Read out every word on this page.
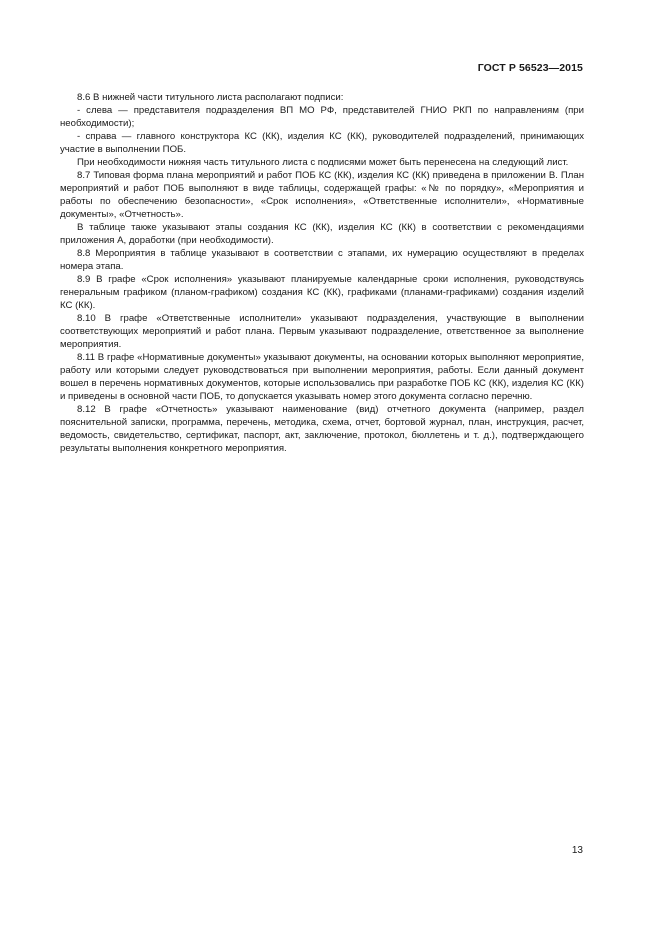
ГОСТ Р 56523—2015

8.6 В нижней части титульного листа располагают подписи:

- слева — представителя подразделения ВП МО РФ, представителей ГНИО РКП по направлениям (при необходимости);

- справа — главного конструктора КС (КК), изделия КС (КК), руководителей подразделений, принимающих участие в выполнении ПОБ.

При необходимости нижняя часть титульного листа с подписями может быть перенесена на следующий лист.

8.7 Типовая форма плана мероприятий и работ ПОБ КС (КК), изделия КС (КК) приведена в приложении В. План мероприятий и работ ПОБ выполняют в виде таблицы, содержащей графы: «№ по порядку», «Мероприятия и работы по обеспечению безопасности», «Срок исполнения», «Ответственные исполнители», «Нормативные документы», «Отчетность».

В таблице также указывают этапы создания КС (КК), изделия КС (КК) в соответствии с рекомендациями приложения А, доработки (при необходимости).

8.8 Мероприятия в таблице указывают в соответствии с этапами, их нумерацию осуществляют в пределах номера этапа.

8.9 В графе «Срок исполнения» указывают планируемые календарные сроки исполнения, руководствуясь генеральным графиком (планом-графиком) создания КС (КК), графиками (планами-графиками) создания изделий КС (КК).

8.10 В графе «Ответственные исполнители» указывают подразделения, участвующие в выполнении соответствующих мероприятий и работ плана. Первым указывают подразделение, ответственное за выполнение мероприятия.

8.11 В графе «Нормативные документы» указывают документы, на основании которых выполняют мероприятие, работу или которыми следует руководствоваться при выполнении мероприятия, работы. Если данный документ вошел в перечень нормативных документов, которые использовались при разработке ПОБ КС (КК), изделия КС (КК) и приведены в основной части ПОБ, то допускается указывать номер этого документа согласно перечню.

8.12 В графе «Отчетность» указывают наименование (вид) отчетного документа (например, раздел пояснительной записки, программа, перечень, методика, схема, отчет, бортовой журнал, план, инструкция, расчет, ведомость, свидетельство, сертификат, паспорт, акт, заключение, протокол, бюллетень и т. д.), подтверждающего результаты выполнения конкретного мероприятия.

13
